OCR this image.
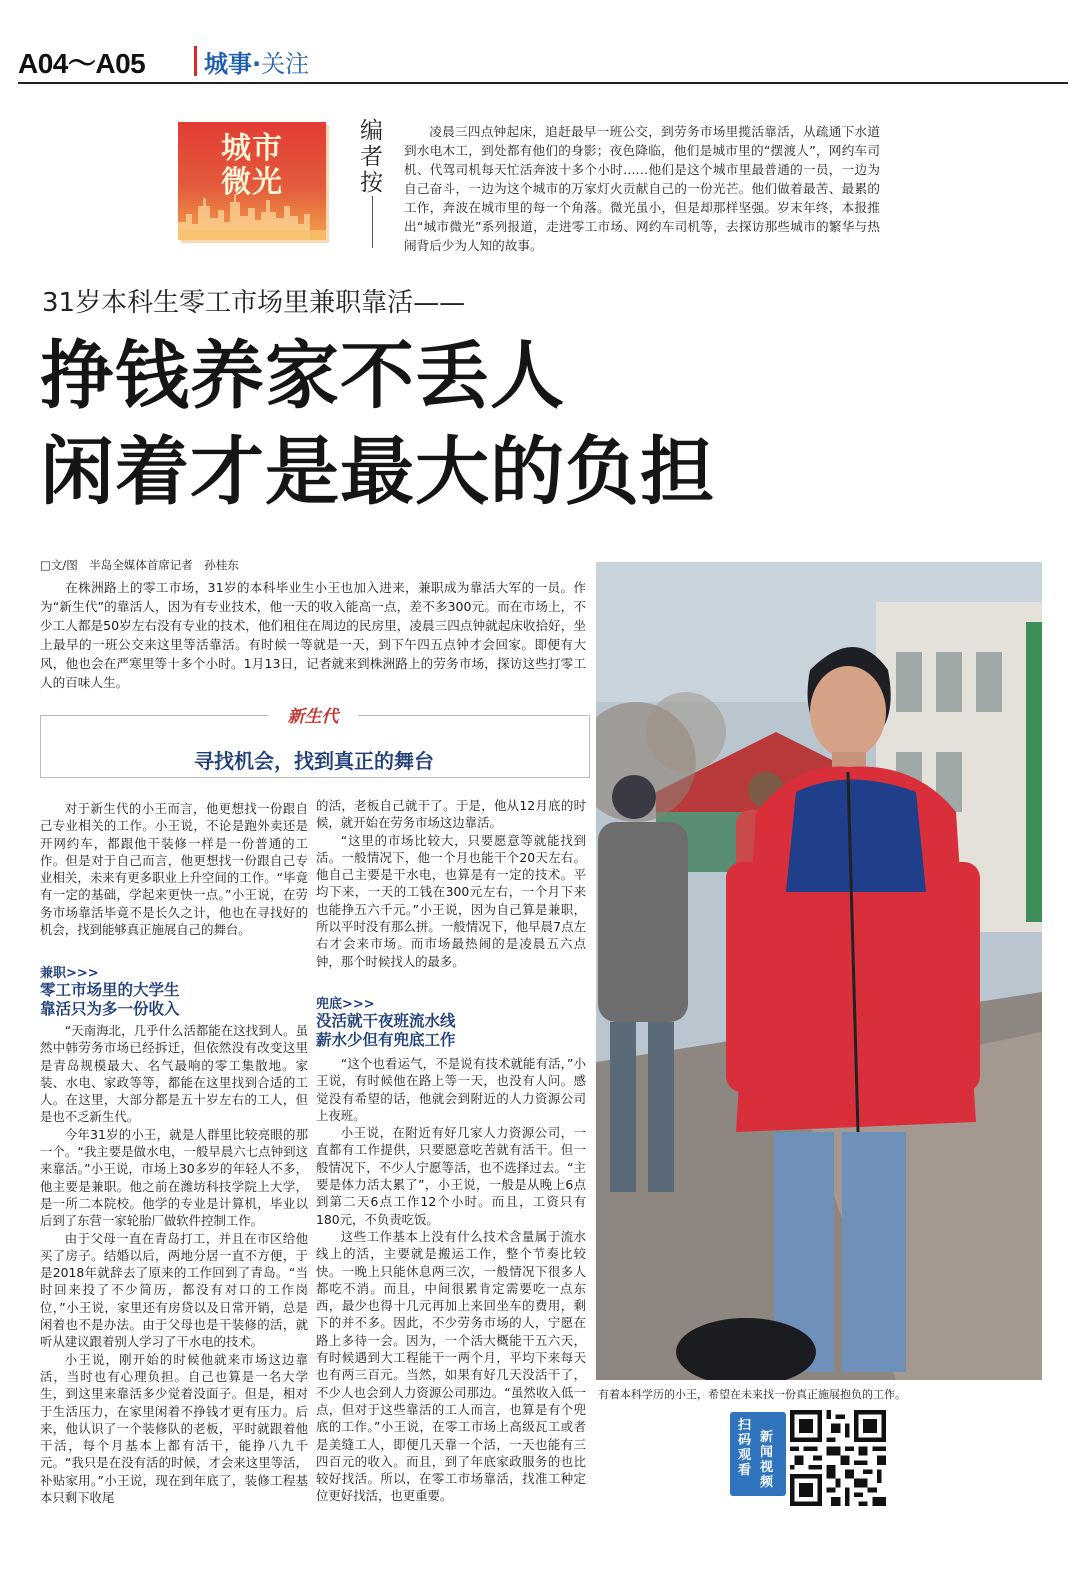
A04～A05 城事·关注
城市
微光
编者按
凌晨三四点钟起床，追赶最早一班公交，到劳务市场里揽活靠活，从疏通下水道到水电木工，到处都有他们的身影；夜色降临，他们是城市里的“摆渡人”，网约车司机、代驾司机每天忙活奔波十多个小时……他们是这个城市里最普通的一员，一边为自己奋斗，一边为这个城市的万家灯火贡献自己的一份光芒。他们做着最苦、最累的工作，奔波在城市里的每一个角落。微光虽小，但是却那样坚强。岁末年终，本报推出“城市微光”系列报道，走进零工市场、网约车司机等，去探访那些城市的繁华与热闹背后少为人知的故事。
31岁本科生零工市场里兼职靠活——
挣钱养家不丢人
闲着才是最大的负担
□文/图　半岛全媒体首席记者　孙桂东
在株洲路上的零工市场，31岁的本科毕业生小王也加入进来，兼职成为靠活大军的一员。作为“新生代”的靠活人，因为有专业技术，他一天的收入能高一点，差不多300元。而在市场上，不少工人都是50岁左右没有专业的技术，他们租住在周边的民房里，凌晨三四点钟就起床收拾好，坐上最早的一班公交来这里等活靠活。有时候一等就是一天，到下午四五点钟才会回家。即便有大风，他也会在严寒里等十多个小时。1月13日，记者就来到株洲路上的劳务市场，探访这些打零工人的百味人生。
新生代
寻找机会，找到真正的舞台

对于新生代的小王而言，他更想找一份跟自己专业相关的工作。小王说，不论是跑外卖还是开网约车，都跟他干装修一样是一份普通的工作。但是对于自己而言，他更想找一份跟自己专业相关，未来有更多职业上升空间的工作。“毕竟有一定的基础，学起来更快一点。”小王说，在劳务市场靠活毕竟不是长久之计，他也在寻找好的机会，找到能够真正施展自己的舞台。

兼职>>>
零工市场里的大学生
靠活只为多一份收入

“天南海北，几乎什么活都能在这找到人。虽然中韩劳务市场已经拆迁，但依然没有改变这里是青岛规模最大、名气最响的零工集散地。家装、水电、家政等等，都能在这里找到合适的工人。在这里，大部分都是五十岁左右的工人，但是也不乏新生代。

今年31岁的小王，就是人群里比较亮眼的那一个。“我主要是做水电，一般早晨六七点钟到这来靠活。”小王说，市场上30多岁的年轻人不多，他主要是兼职。他之前在潍坊科技学院上大学，是一所二本院校。他学的专业是计算机，毕业以后到了东营一家轮胎厂做软件控制工作。

由于父母一直在青岛打工，并且在市区给他买了房子。结婚以后，两地分居一直不方便，于是2018年就辞去了原来的工作回到了青岛。“当时回来投了不少简历，都没有对口的工作岗位，”小王说，家里还有房贷以及日常开销，总是闲着也不是办法。由于父母也是干装修的活，就听从建议跟着别人学习了干水电的技术。

小王说，刚开始的时候他就来市场这边靠活，当时也有心理负担。自己也算是一名大学生，到这里来靠活多少觉着没面子。但是，相对于生活压力，在家里闲着不挣钱才更有压力。后来，他认识了一个装修队的老板，平时就跟着他干活，每个月基本上都有活干，能挣八九千元。“我只是在没有活的时候，才会来这里等活，补贴家用。”小王说，现在到年底了，装修工程基本只剩下收尾

的活，老板自己就干了。于是，他从12月底的时候，就开始在劳务市场这边靠活。

“这里的市场比较大，只要愿意等就能找到活。一般情况下，他一个月也能干个20天左右。他自己主要是干水电，也算是有一定的技术。平均下来，一天的工钱在300元左右，一个月下来也能挣五六千元。”小王说，因为自己算是兼职，所以平时没有那么拼。一般情况下，他早晨7点左右才会来市场。而市场最热闹的是凌晨五六点钟，那个时候找人的最多。

兜底>>>
没活就干夜班流水线
薪水少但有兜底工作

“这个也看运气，不是说有技术就能有活，”小王说，有时候他在路上等一天，也没有人问。感觉没有希望的话，他就会到附近的人力资源公司上夜班。

小王说，在附近有好几家人力资源公司，一直都有工作提供，只要愿意吃苦就有活干。但一般情况下，不少人宁愿等活，也不选择过去。“主要是体力活太累了”，小王说，一般是从晚上6点到第二天6点工作12个小时。而且，工资只有180元，不负责吃饭。

这些工作基本上没有什么技术含量属于流水线上的活，主要就是搬运工作，整个节奏比较快。一晚上只能休息两三次，一般情况下很多人都吃不消。而且，中间很累肯定需要吃一点东西，最少也得十几元再加上来回坐车的费用，剩下的并不多。因此，不少劳务市场的人，宁愿在路上多待一会。因为，一个活大概能干五六天，有时候遇到大工程能干一两个月，平均下来每天也有两三百元。当然，如果有好几天没活干了，不少人也会到人力资源公司那边。“虽然收入低一点，但对于这些靠活的工人而言，也算是有个兜底的工作。”小王说，在零工市场上高级瓦工或者是美缝工人，即便几天靠一个活，一天也能有三四百元的收入。而且，到了年底家政服务的也比较好找活。所以，在零工市场靠活，找准工种定位更好找活，也更重要。

有着本科学历的小王，希望在未来找一份真正施展抱负的工作。
扫码观看
新闻视频
